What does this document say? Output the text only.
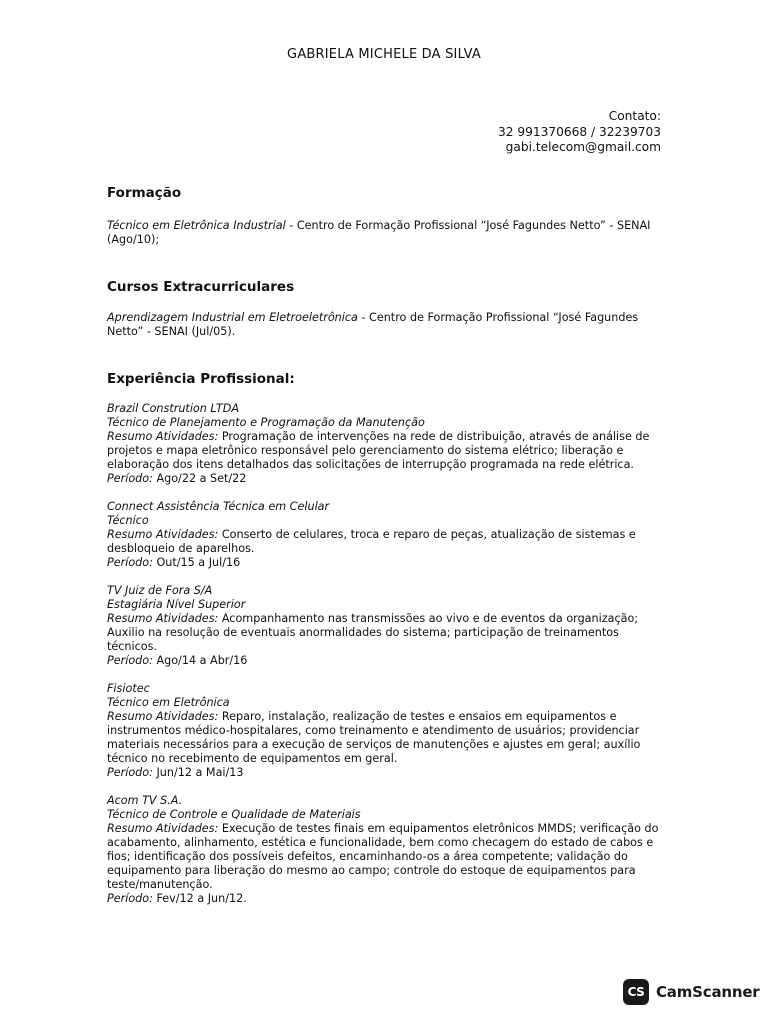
GABRIELA MICHELE DA SILVA
Contato:
32 991370668 / 32239703
gabi.telecom@gmail.com
Formação
Técnico em Eletrônica Industrial - Centro de Formação Profissional “José Fagundes Netto” - SENAI (Ago/10);
Cursos Extracurriculares
Aprendizagem Industrial em Eletroeletrônica - Centro de Formação Profissional “José Fagundes Netto” - SENAI (Jul/05).
Experiência Profissional:
Brazil Constrution LTDA
Técnico de Planejamento e Programação da Manutenção
Resumo Atividades: Programação de intervenções na rede de distribuição, através de análise de projetos e mapa eletrônico responsável pelo gerenciamento do sistema elétrico; liberação e elaboração dos itens detalhados das solicitações de interrupção programada na rede elétrica.
Período: Ago/22 a Set/22
Connect Assistência Técnica em Celular
Técnico
Resumo Atividades: Conserto de celulares, troca e reparo de peças, atualização de sistemas e desbloqueio de aparelhos.
Período: Out/15 a Jul/16
TV Juiz de Fora S/A
Estagiária Nível Superior
Resumo Atividades: Acompanhamento nas transmissões ao vivo e de eventos da organização; Auxilio na resolução de eventuais anormalidades do sistema; participação de treinamentos técnicos.
Período: Ago/14 a Abr/16
Fisiotec
Técnico em Eletrônica
Resumo Atividades: Reparo, instalação, realização de testes e ensaios em equipamentos e instrumentos médico-hospitalares, como treinamento e atendimento de usuários; providenciar materiais necessários para a execução de serviços de manutenções e ajustes em geral; auxílio técnico no recebimento de equipamentos em geral.
Período: Jun/12 a Mai/13
Acom TV S.A.
Técnico de Controle e Qualidade de Materiais
Resumo Atividades: Execução de testes finais em equipamentos eletrônicos MMDS; verificação do acabamento, alinhamento, estética e funcionalidade, bem como checagem do estado de cabos e fios; identificação dos possíveis defeitos, encaminhando-os a área competente; validação do equipamento para liberação do mesmo ao campo; controle do estoque de equipamentos para teste/manutenção.
Período: Fev/12 a Jun/12.
CS CamScanner
